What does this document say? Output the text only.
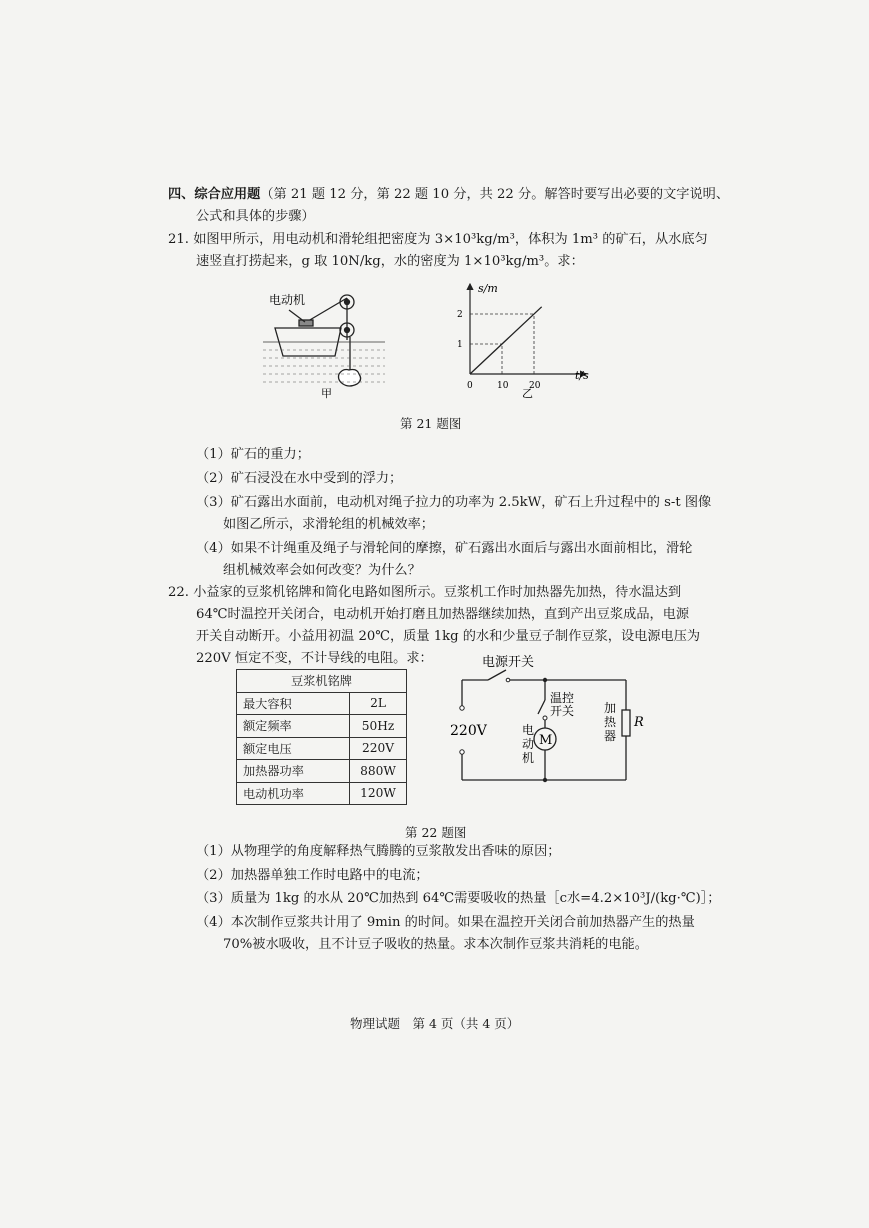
四、综合应用题（第 21 题 12 分，第 22 题 10 分，共 22 分。解答时要写出必要的文字说明、
公式和具体的步骤）
21. 如图甲所示，用电动机和滑轮组把密度为 3×10³kg/m³，体积为 1m³ 的矿石，从水底匀
速竖直打捞起来，g 取 10N/kg，水的密度为 1×10³kg/m³。求：
电动机
甲
s/m
t/s
0	10 20
1
2
乙
第 21 题图
（1）矿石的重力；
（2）矿石浸没在水中受到的浮力；
（3）矿石露出水面前，电动机对绳子拉力的功率为 2.5kW，矿石上升过程中的 s-t 图像
如图乙所示，求滑轮组的机械效率；
（4）如果不计绳重及绳子与滑轮间的摩擦，矿石露出水面后与露出水面前相比，滑轮
组机械效率会如何改变？为什么？
22. 小益家的豆浆机铭牌和简化电路如图所示。豆浆机工作时加热器先加热，待水温达到
64℃时温控开关闭合，电动机开始打磨且加热器继续加热，直到产出豆浆成品，电源
开关自动断开。小益用初温 20℃，质量 1kg 的水和少量豆子制作豆浆，设电源电压为
220V 恒定不变，不计导线的电阻。求：
豆浆机铭牌	
最大容积	2L
额定频率	50Hz
额定电压	220V
加热器功率	880W
电动机功率	120W
电源开关
220V
温控
开关
M
电
动
机
加
热
器
R
第 22 题图
（1）从物理学的角度解释热气腾腾的豆浆散发出香味的原因；
（2）加热器单独工作时电路中的电流；
（3）质量为 1kg 的水从 20℃加热到 64℃需要吸收的热量［c水=4.2×10³J/(kg·℃)］；
（4）本次制作豆浆共计用了 9min 的时间。如果在温控开关闭合前加热器产生的热量
70%被水吸收，且不计豆子吸收的热量。求本次制作豆浆共消耗的电能。
物理试题　第 4 页（共 4 页）
